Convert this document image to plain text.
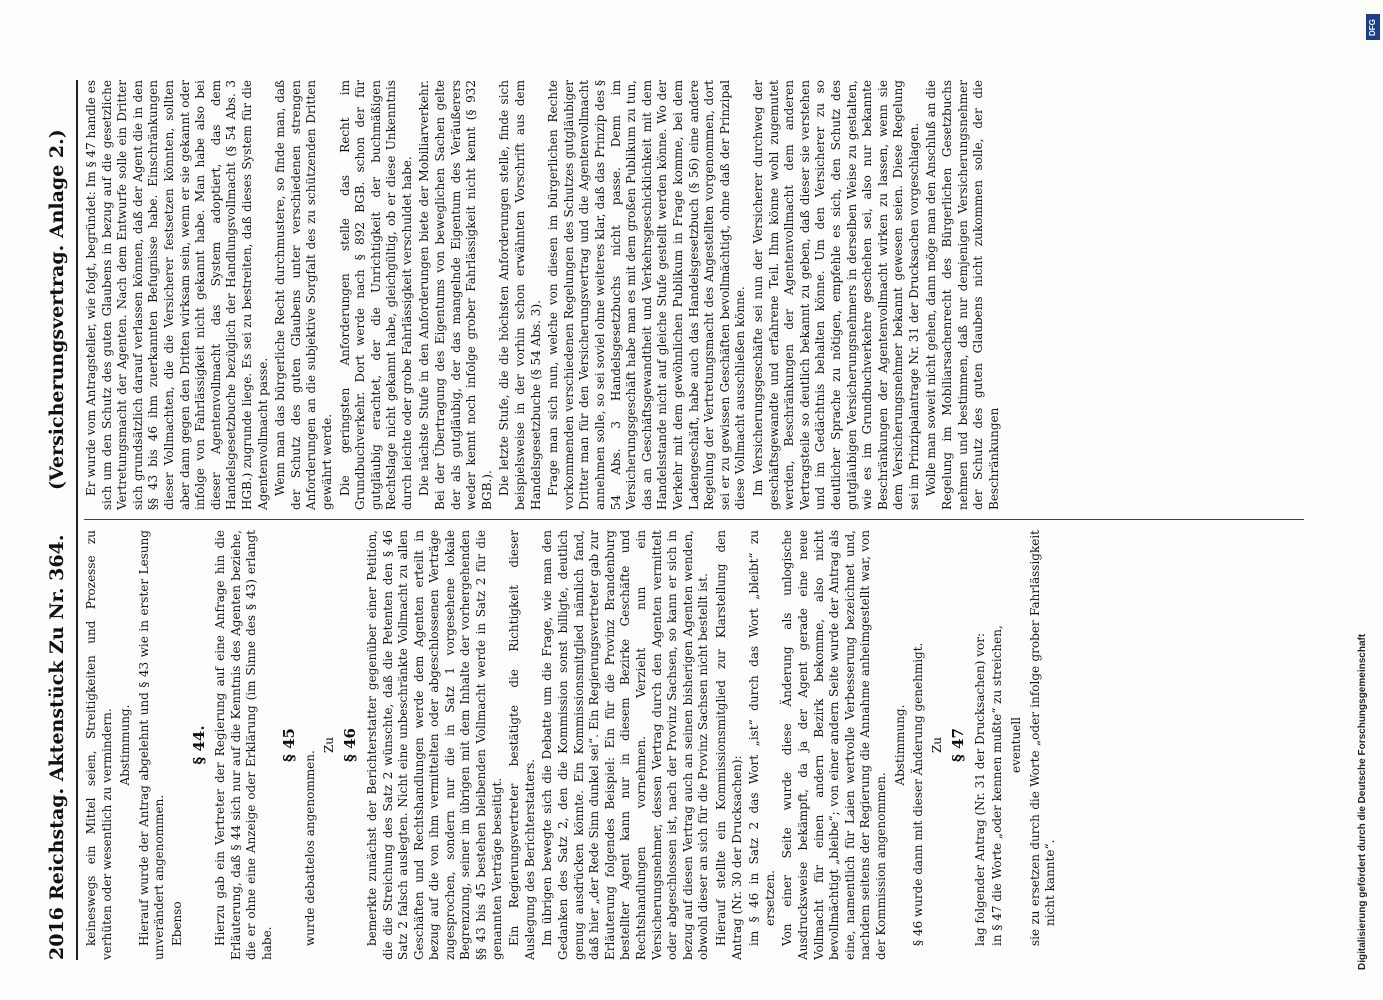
2016
Reichstag. Aktenstück Zu Nr. 364.
(Versicherungsvertrag. Anlage 2.)

keineswegs ein Mittel seien, Streitigkeiten und Prozesse zu verhüten oder wesentlich zu vermindern. Abstimmung. Hierauf wurde der Antrag abgelehnt und § 43 wie in erster Lesung unverändert angenommen. Ebenso

§ 44. Hierzu gab ein Vertreter der Regierung auf eine Anfrage hin die Erläuterung, daß § 44 sich nur auf die Kenntnis des Agenten beziehe, die er ohne eine Anzeige oder Erklärung (im Sinne des § 43) erlangt habe.

§ 45

wurde debattelos angenommen.

Zu § 46 bemerkte zunächst der Berichterstatter gegenüber einer Petition, die die Streichung des Satz 2 wünschte, daß die Petenten den § 46 Satz 2 falsch auslegten. Nicht eine unbeschränkte Vollmacht zu allen Geschäften und Rechtshandlungen werde dem Agenten erteilt in bezug auf die von ihm vermittelten oder abgeschlossenen Verträge zugesprochen, sondern nur die in Satz 1 vorgesehene lokale Begrenzung, seiner im übrigen mit dem Inhalte der vorhergehenden §§ 43 bis 45 bestehen bleibenden Vollmacht werde in Satz 2 für die genannten Verträge beseitigt. Ein Regierungsvertreter bestätigte die Richtigkeit dieser Auslegung des Berichterstatters. Im übrigen bewegte sich die Debatte um die Frage, wie man den Gedanken des Satz 2, den die Kommission sonst billigte, deutlich genug ausdrücken könnte. Ein Kommissionsmitglied nämlich fand, daß hier „der Rede Sinn dunkel sei“. Ein Regierungsvertreter gab zur Erläuterung folgendes Beispiel: Ein für die Provinz Brandenburg bestellter Agent kann nur in diesem Bezirke Geschäfte und Rechtshandlungen vornehmen. Verzieht nun ein Versicherungsnehmer, dessen Vertrag durch den Agenten vermittelt oder abgeschlossen ist, nach der Provinz Sachsen, so kann er sich in bezug auf diesen Vertrag auch an seinen bisherigen Agenten wenden, obwohl dieser an sich für die Provinz Sachsen nicht bestellt ist. Hierauf stellte ein Kommissionsmitglied zur Klarstellung den Antrag (Nr. 30 der Drucksachen): im § 46 in Satz 2 das Wort „ist“ durch das Wort „bleibt“ zu ersetzen. Von einer Seite wurde diese Änderung als unlogische Ausdrucksweise bekämpft, da ja der Agent gerade eine neue Vollmacht für einen andern Bezirk bekomme, also nicht bevollmächtigt „bleibe“; von einer andern Seite wurde der Antrag als eine, namentlich für Laien wertvolle Verbesserung bezeichnet und, nachdem seitens der Regierung die Annahme anheimgestellt war, von der Kommission angenommen.

Abstimmung. § 46 wurde dann mit dieser Änderung genehmigt. Zu § 47 lag folgender Antrag (Nr. 31 der Drucksachen) vor: in § 47 die Worte „oder kennen mußte“ zu streichen, eventuell sie zu ersetzen durch die Worte „oder infolge grober Fahrlässigkeit nicht kannte“.

Er wurde vom Antragsteller, wie folgt, begründet: Im § 47 handle es sich um den Schutz des guten Glaubens in bezug auf die gesetzliche Vertretungsmacht der Agenten. Nach dem Entwurfe solle ein Dritter sich grundsätzlich darauf verlassen können, daß der Agent die in den §§ 43 bis 46 ihm zuerkannten Befugnisse habe. Einschränkungen dieser Vollmachten, die die Versicherer festsetzen könnten, sollten aber dann gegen den Dritten wirksam sein, wenn er sie gekannt oder infolge von Fahrlässigkeit nicht gekannt habe. Man habe also bei dieser Agentenvollmacht das System adoptiert, das dem Handelsgesetzbuche bezüglich der Handlungsvollmacht (§ 54 Abs. 3 HGB.) zugrunde liege. Es sei zu bestreiten, daß dieses System für die Agentenvollmacht passe. Wenn man das bürgerliche Recht durchmustere, so finde man, daß der Schutz des guten Glaubens unter verschiedenen strengen Anforderungen an die subjektive Sorgfalt des zu schützenden Dritten gewährt werde. Die geringsten Anforderungen stelle das Recht im Grundbuchverkehr. Dort werde nach § 892 BGB. schon der für gutgläubig erachtet, der die Unrichtigkeit der buchmäßigen Rechtslage nicht gekannt habe, gleichgültig, ob er diese Unkenntnis durch leichte oder grobe Fahrlässigkeit verschuldet habe. Die nächste Stufe in den Anforderungen biete der Mobiliarverkehr. Bei der Übertragung des Eigentums von beweglichen Sachen gelte der als gutgläubig, der das mangelnde Eigentum des Veräußerers weder kennt noch infolge grober Fahrlässigkeit nicht kennt (§ 932 BGB.). Die letzte Stufe, die die höchsten Anforderungen stelle, finde sich beispielsweise in der vorhin schon erwähnten Vorschrift aus dem Handelsgesetzbuche (§ 54 Abs. 3). Frage man sich nun, welche von diesen im bürgerlichen Rechte vorkommenden verschiedenen Regelungen des Schutzes gutgläubiger Dritter man für den Versicherungsvertrag und die Agentenvollmacht annehmen solle, so sei soviel ohne weiteres klar, daß das Prinzip des § 54 Abs. 3 Handelsgesetzbuchs nicht passe. Denn im Versicherungsgeschäft habe man es mit dem großen Publikum zu tun, das an Geschäftsgewandtheit und Verkehrsgeschicklichkeit mit dem Handelsstande nicht auf gleiche Stufe gestellt werden könne. Wo der Verkehr mit dem gewöhnlichen Publikum in Frage komme, bei dem Ladengeschäft, habe auch das Handelsgesetzbuch (§ 56) eine andere Regelung der Vertretungsmacht des Angestellten vorgenommen, dort sei er zu gewissen Geschäften bevollmächtigt, ohne daß der Prinzipal diese Vollmacht ausschließen könne. Im Versicherungsgeschäfte sei nun der Versicherer durchweg der geschäftsgewandte und erfahrene Teil. Ihm könne wohl zugemutet werden, Beschränkungen der Agentenvollmacht dem anderen Vertragsteile so deutlich bekannt zu geben, daß dieser sie verstehen und im Gedächtnis behalten könne. Um den Versicherer zu so deutlicher Sprache zu nötigen, empfehle es sich, den Schutz des gutgläubigen Versicherungsnehmers in derselben Weise zu gestalten, wie es im Grundbuchverkehre geschehen sei, also nur bekannte Beschränkungen der Agentenvollmacht wirken zu lassen, wenn sie dem Versicherungsnehmer bekannt gewesen seien. Diese Regelung sei im Prinzipalantrage Nr. 31 der Drucksachen vorgeschlagen. Wolle man soweit nicht gehen, dann möge man den Anschluß an die Regelung im Mobiliarsachenrecht des Bürgerlichen Gesetzbuchs nehmen und bestimmen, daß nur demjenigen Versicherungsnehmer der Schutz des guten Glaubens nicht zukommen solle, der die Beschränkungen

Digitalisierung gefördert durch die Deutsche Forschungsgemeinschaft
DFG
